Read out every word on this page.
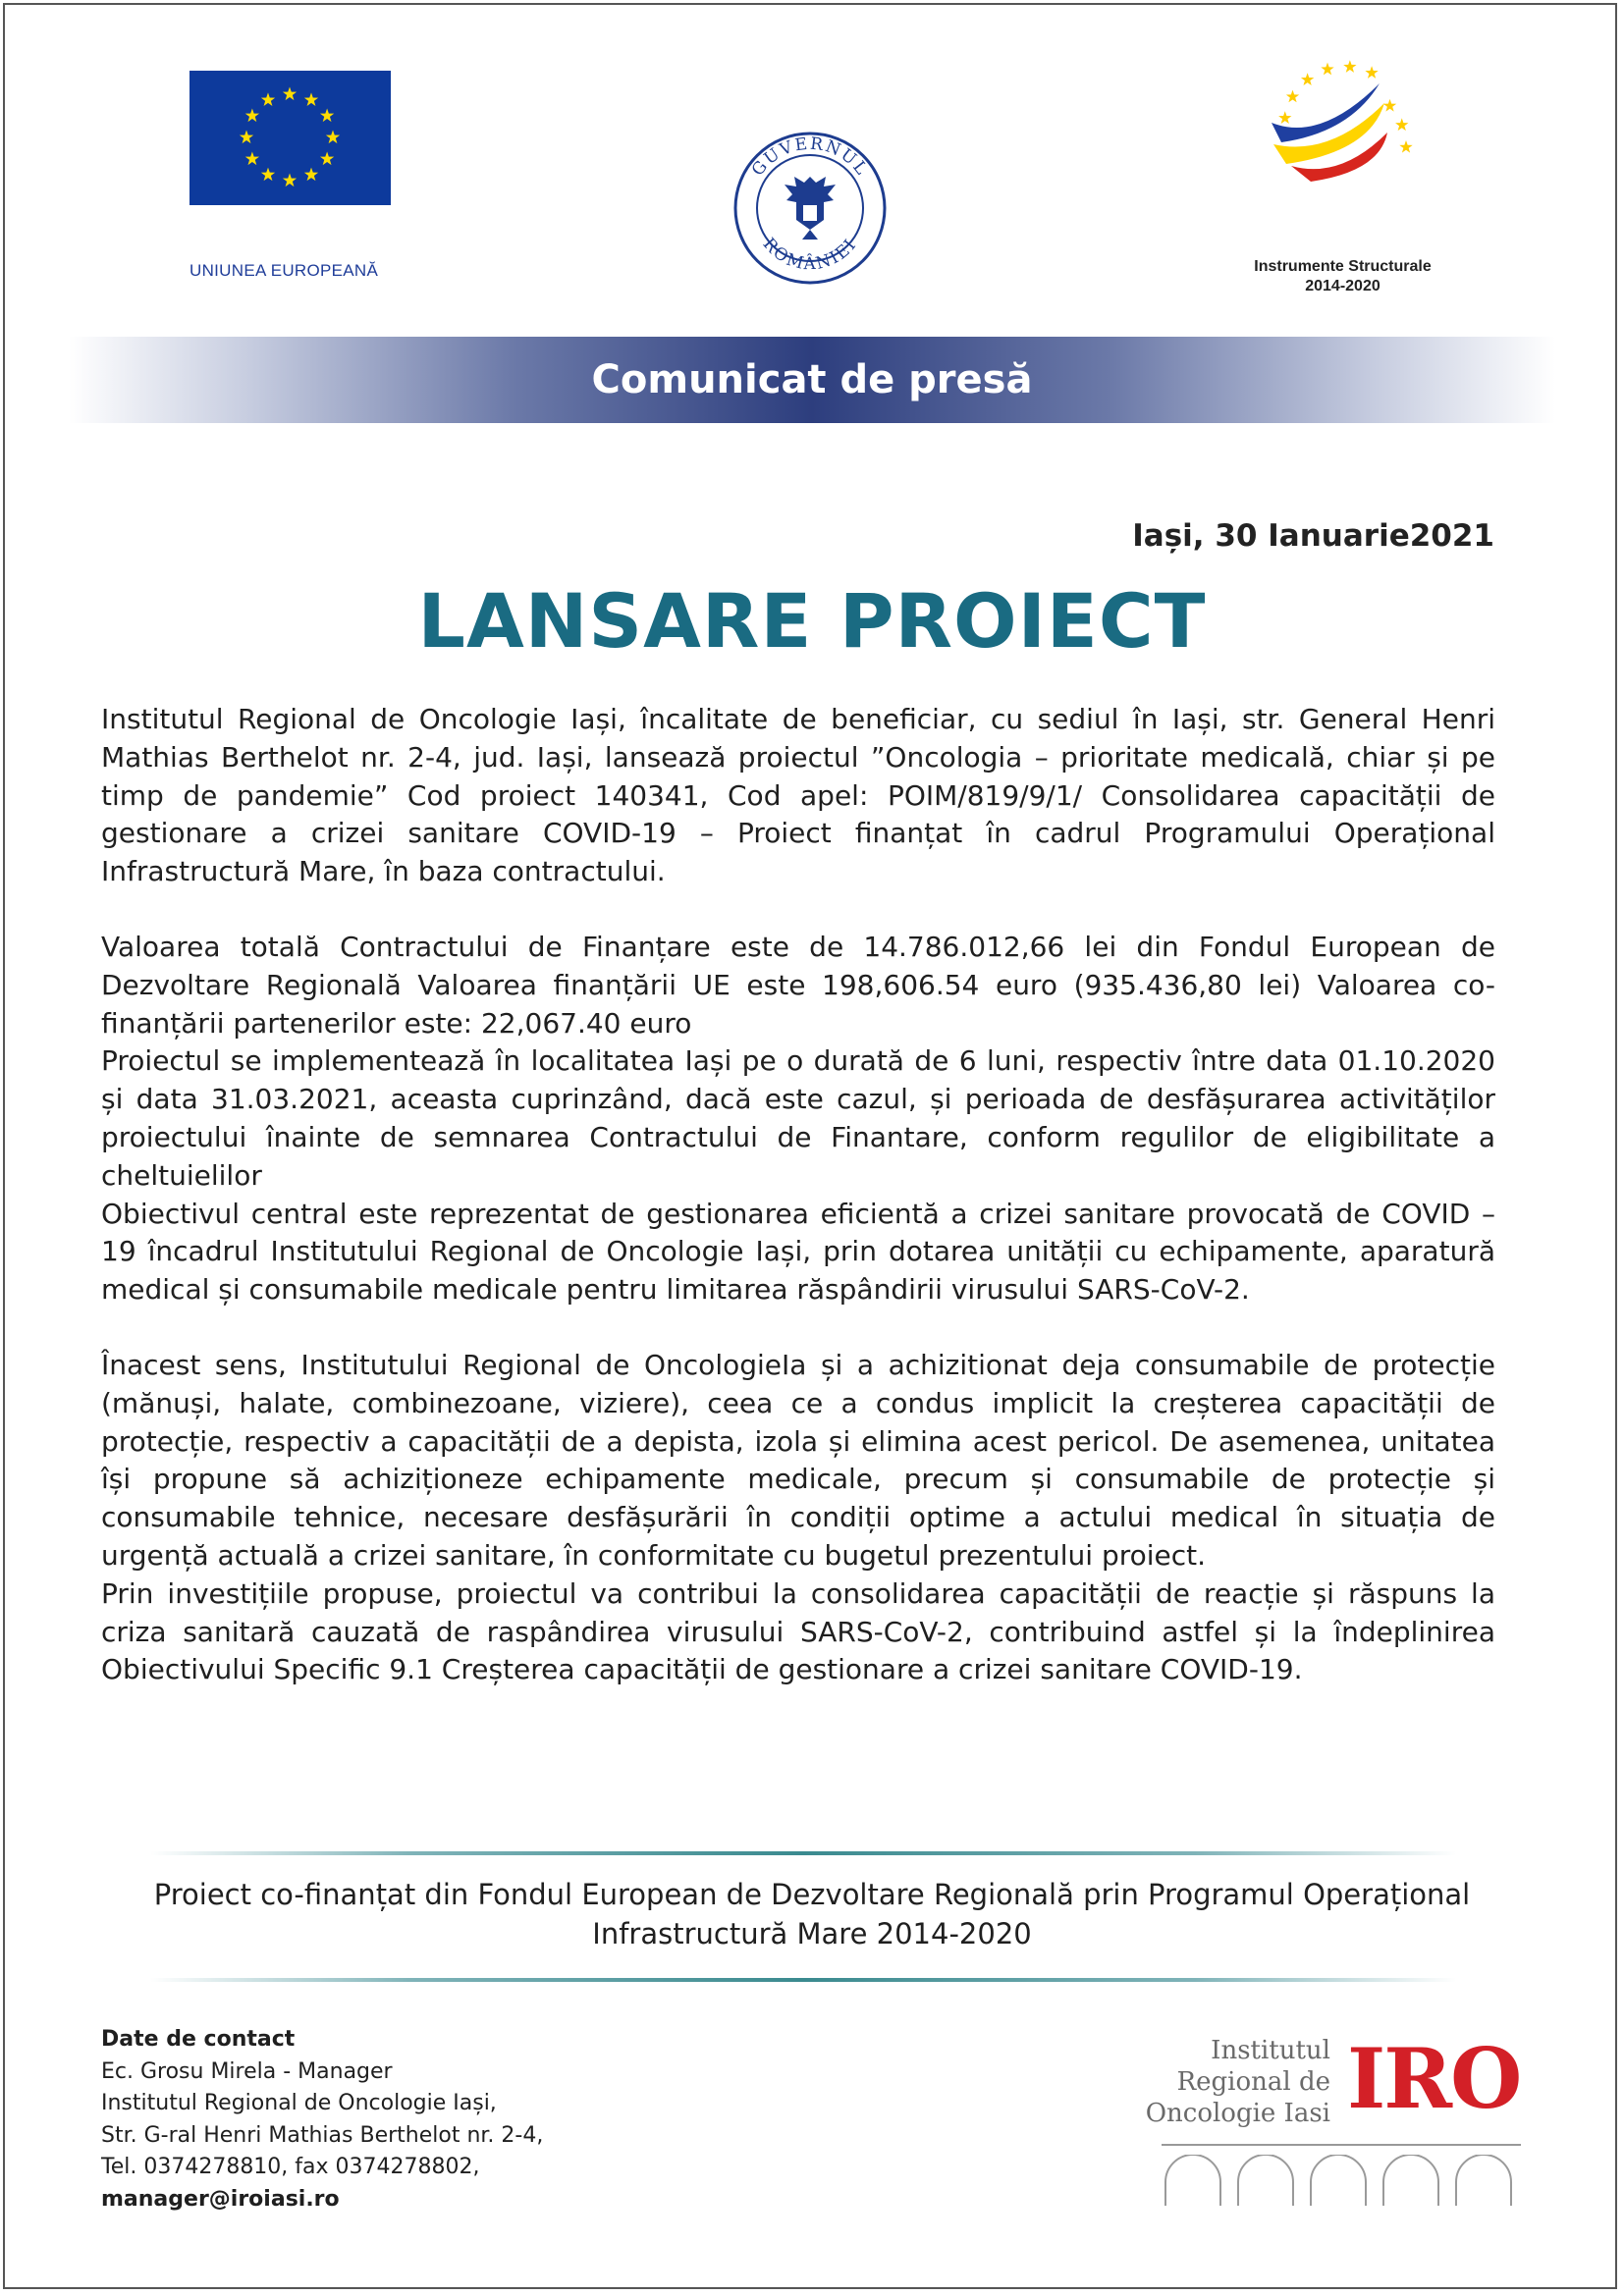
UNIUNEA EUROPEANĂ
GUVERNUL
ROMÂNIEI
Instrumente Structurale
2014-2020
Comunicat de presă
Iași, 30 Ianuarie2021
LANSARE PROIECT

Institutul Regional de Oncologie Iași, încalitate de beneficiar, cu sediul în Iași, str. General Henri Mathias Berthelot nr. 2-4, jud. Iași, lansează proiectul ”Oncologia – prioritate medicală, chiar și pe timp de pandemie” Cod proiect 140341, Cod apel: POIM/819/9/1/ Consolidarea capacității de gestionare a crizei sanitare COVID-19 – Proiect finanțat în cadrul Programului Operațional Infrastructură Mare, în baza contractului.

Valoarea totală Contractului de Finanțare este de 14.786.012,66 lei din Fondul European de Dezvoltare Regională Valoarea finanțării UE este 198,606.54 euro (935.436,80 lei) Valoarea co-finanțării partenerilor este: 22,067.40 euro

Proiectul se implementează în localitatea Iași pe o durată de 6 luni, respectiv între data 01.10.2020 și data 31.03.2021, aceasta cuprinzând, dacă este cazul, și perioada de desfășurarea activităților proiectului înainte de semnarea Contractului de Finantare, conform regulilor de eligibilitate a cheltuielilor

Obiectivul central este reprezentat de gestionarea eficientă a crizei sanitare provocată de COVID – 19 încadrul Institutului Regional de Oncologie Iași, prin dotarea unității cu echipamente, aparatură medical și consumabile medicale pentru limitarea răspândirii virusului SARS-CoV-2.

Înacest sens, Institutului Regional de OncologieIa și a achizitionat deja consumabile de protecție (mănuși, halate, combinezoane, viziere), ceea ce a condus implicit la creșterea capacității de protecție, respectiv a capacității de a depista, izola și elimina acest pericol. De asemenea, unitatea își propune să achiziționeze echipamente medicale, precum și consumabile de protecție și consumabile tehnice, necesare desfășurării în condiții optime a actului medical în situația de urgență actuală a crizei sanitare, în conformitate cu bugetul prezentului proiect.

Prin investițiile propuse, proiectul va contribui la consolidarea capacității de reacție și răspuns la criza sanitară cauzată de raspândirea virusului SARS-CoV-2, contribuind astfel și la îndeplinirea Obiectivului Specific 9.1 Creșterea capacității de gestionare a crizei sanitare COVID-19.

Proiect co-finanțat din Fondul European de Dezvoltare Regională prin Programul Operațional
Infrastructură Mare 2014-2020
Date de contact
Ec. Grosu Mirela - Manager
Institutul Regional de Oncologie Iași,
Str. G-ral Henri Mathias Berthelot nr. 2-4,
Tel. 0374278810, fax 0374278802,
manager@iroiasi.ro
Institutul
Regional de
Oncologie Iasi IRO
